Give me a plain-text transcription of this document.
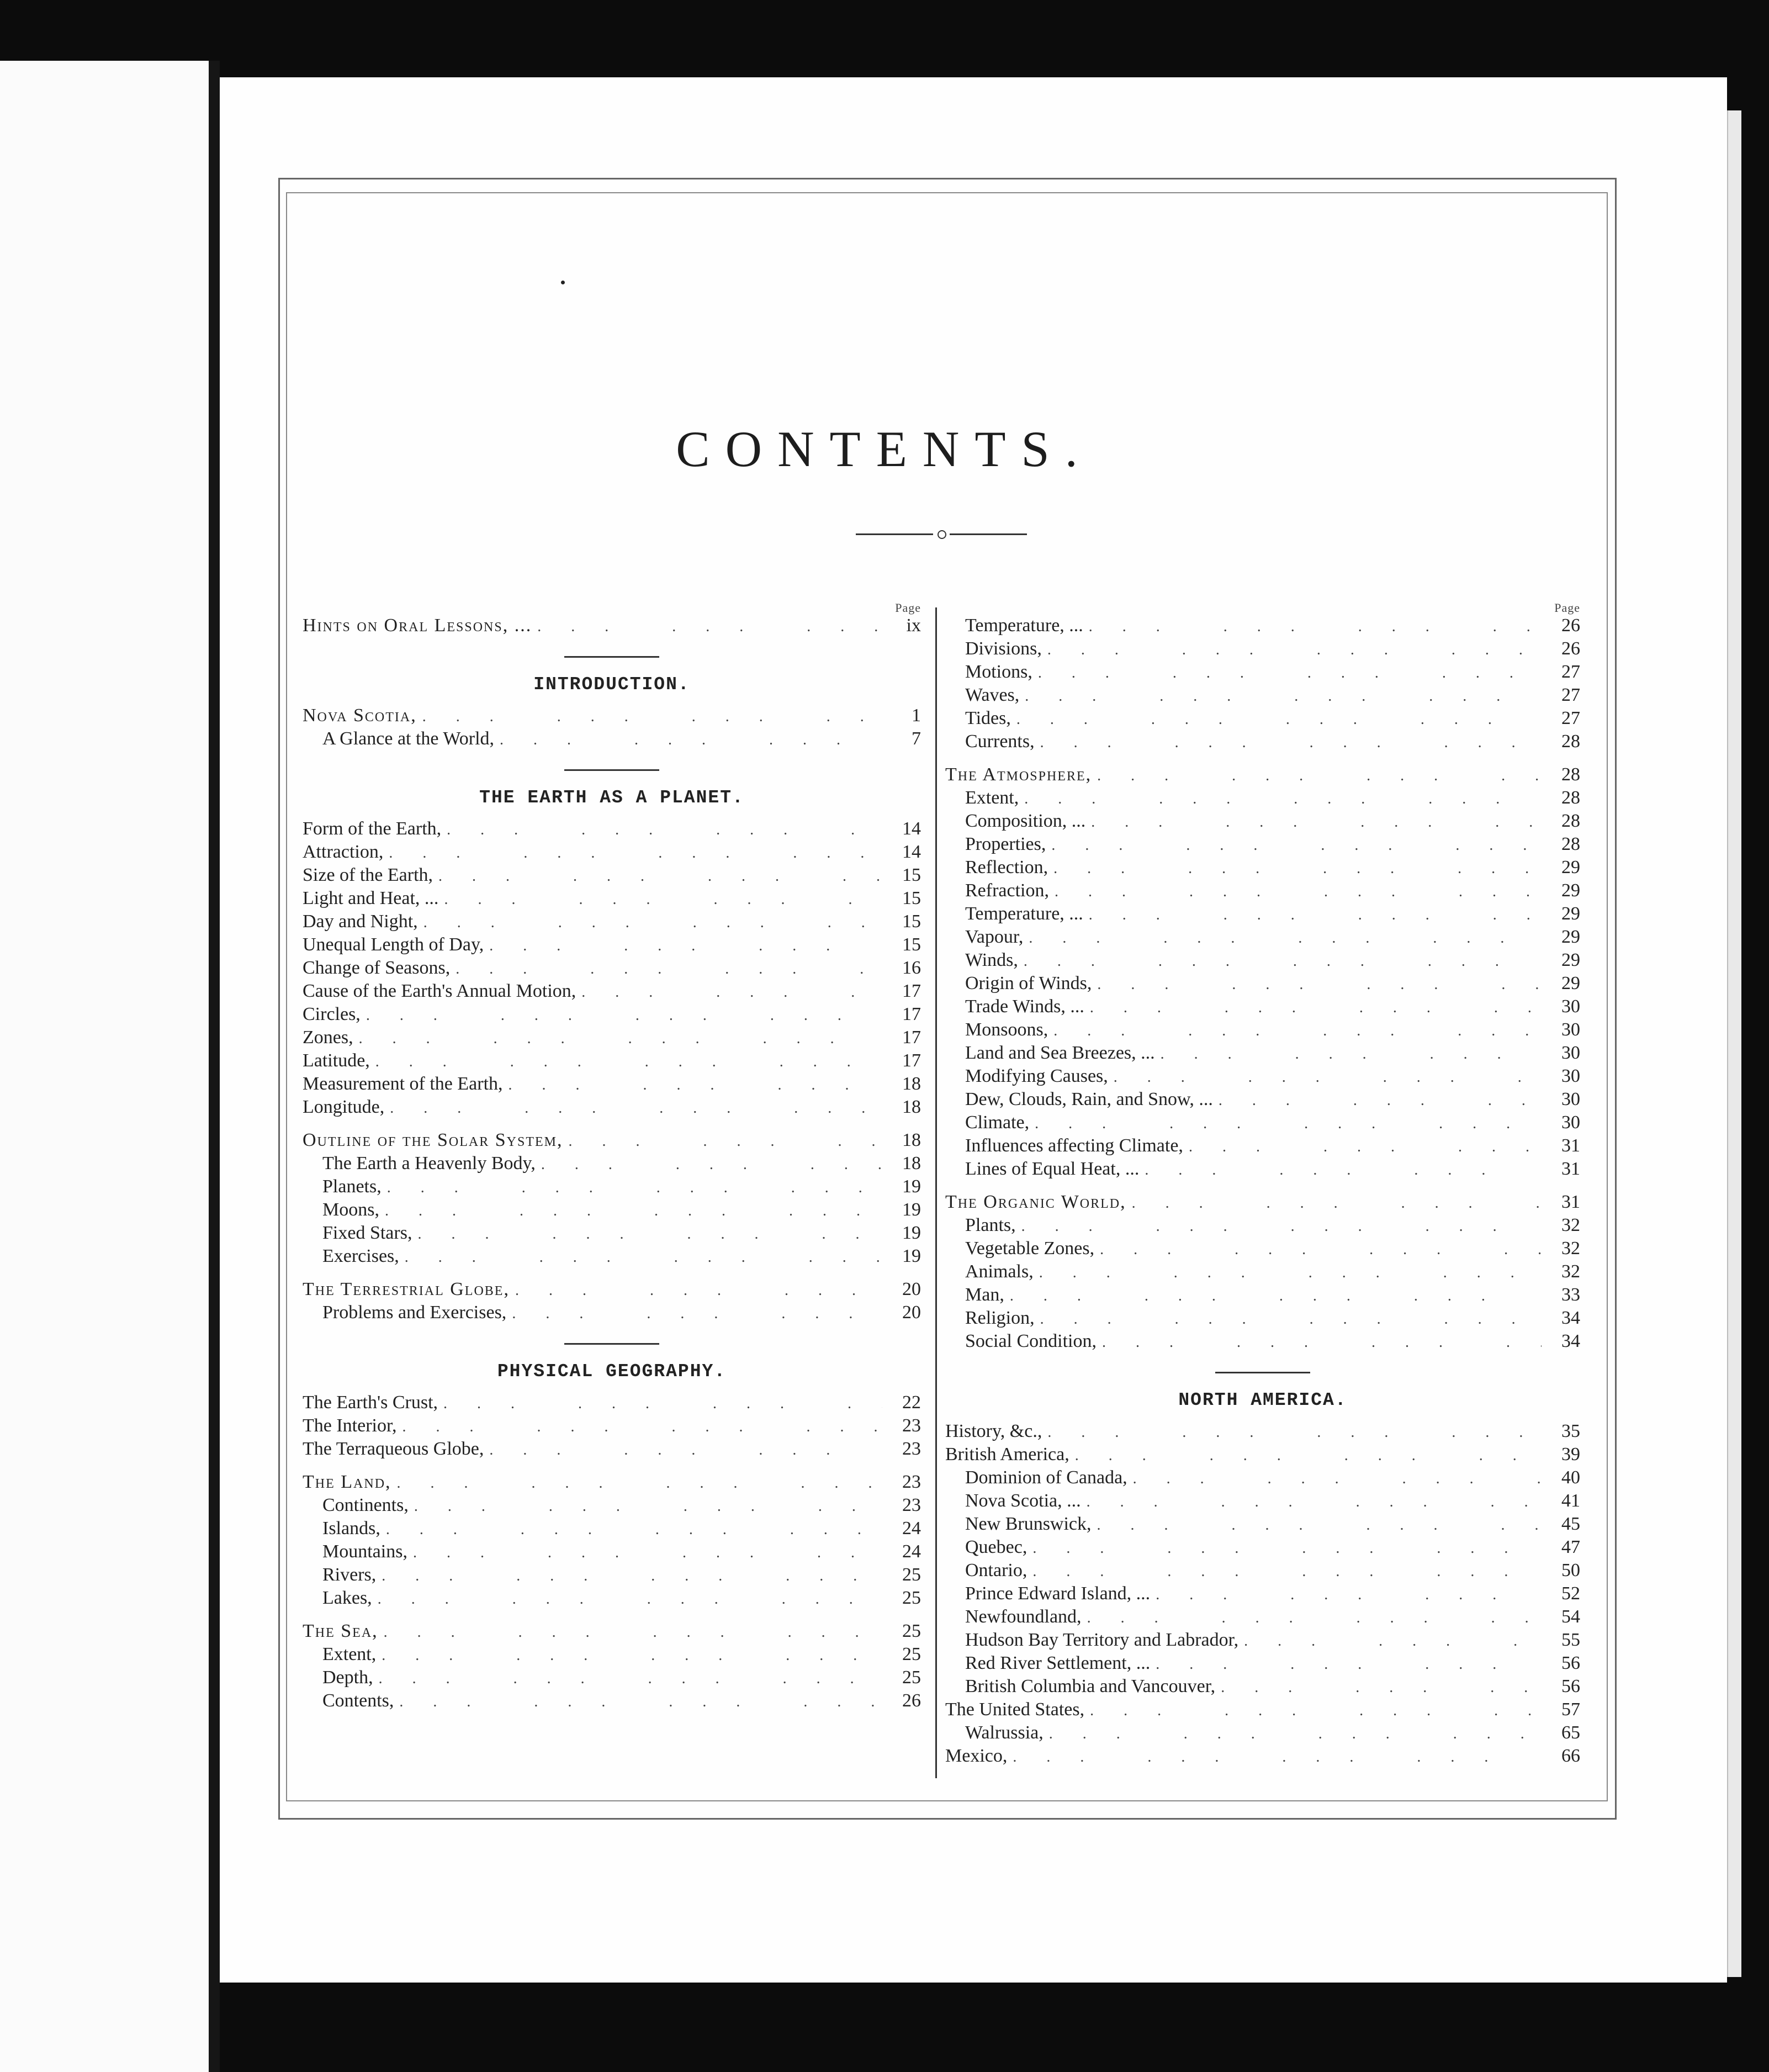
CONTENTS.
Page
Hints on Oral Lessons, ... ... .	ix
INTRODUCTION.
Nova Scotia, ... .	1
A Glance at the World, ... .	7
THE EARTH AS A PLANET.
Form of the Earth, ... .	14
Attraction, ... .	14
Size of the Earth, ... .	15
Light and Heat, ... ... .	15
Day and Night, ... .	15
Unequal Length of Day, ... .	15
Change of Seasons, ... .	16
Cause of the Earth's Annual Motion, ... .	17
Circles, ... .	17
Zones, ... .	17
Latitude, ... .	17
Measurement of the Earth, ... .	18
Longitude, ... .	18
Outline of the Solar System, ... .	18
The Earth a Heavenly Body, ... .	18
Planets, ... .	19
Moons, ... .	19
Fixed Stars, ... .	19
Exercises, ... .	19
The Terrestrial Globe, ... .	20
Problems and Exercises, ... .	20
PHYSICAL GEOGRAPHY.
The Earth's Crust, ... .	22
The Interior, ... .	23
The Terraqueous Globe, ... .	23
The Land, ... .	23
Continents, ... .	23
Islands, ... .	24
Mountains, ... .	24
Rivers, ... .	25
Lakes, ... .	25
The Sea, ... .	25
Extent, ... .	25
Depth, ... .	25
Contents, ... .	26
Page
Temperature, ... ... .	26
Divisions, ... .	26
Motions, ... .	27
Waves, ... .	27
Tides, ... .	27
Currents, ... .	28
The Atmosphere, ... .	28
Extent, ... .	28
Composition, ... ... .	28
Properties, ... .	28
Reflection, ... .	29
Refraction, ... .	29
Temperature, ... ... .	29
Vapour, ... .	29
Winds, ... .	29
Origin of Winds, ... .	29
Trade Winds, ... ... .	30
Monsoons, ... .	30
Land and Sea Breezes, ... ... .	30
Modifying Causes, ... .	30
Dew, Clouds, Rain, and Snow, ... ... .	30
Climate, ... .	30
Influences affecting Climate, ... .	31
Lines of Equal Heat, ... ... .	31
The Organic World, ... .	31
Plants, ... .	32
Vegetable Zones, ... .	32
Animals, ... .	32
Man, ... .	33
Religion, ... .	34
Social Condition, ... .	34
NORTH AMERICA.
History, &c., ... .	35
British America, ... .	39
Dominion of Canada, ... .	40
Nova Scotia, ... ... .	41
New Brunswick, ... .	45
Quebec, ... .	47
Ontario, ... .	50
Prince Edward Island, ... ... .	52
Newfoundland, ... .	54
Hudson Bay Territory and Labrador, ... .	55
Red River Settlement, ... ... .	56
British Columbia and Vancouver, ... .	56
The United States, ... .	57
Walrussia, ... .	65
Mexico, ... .	66
